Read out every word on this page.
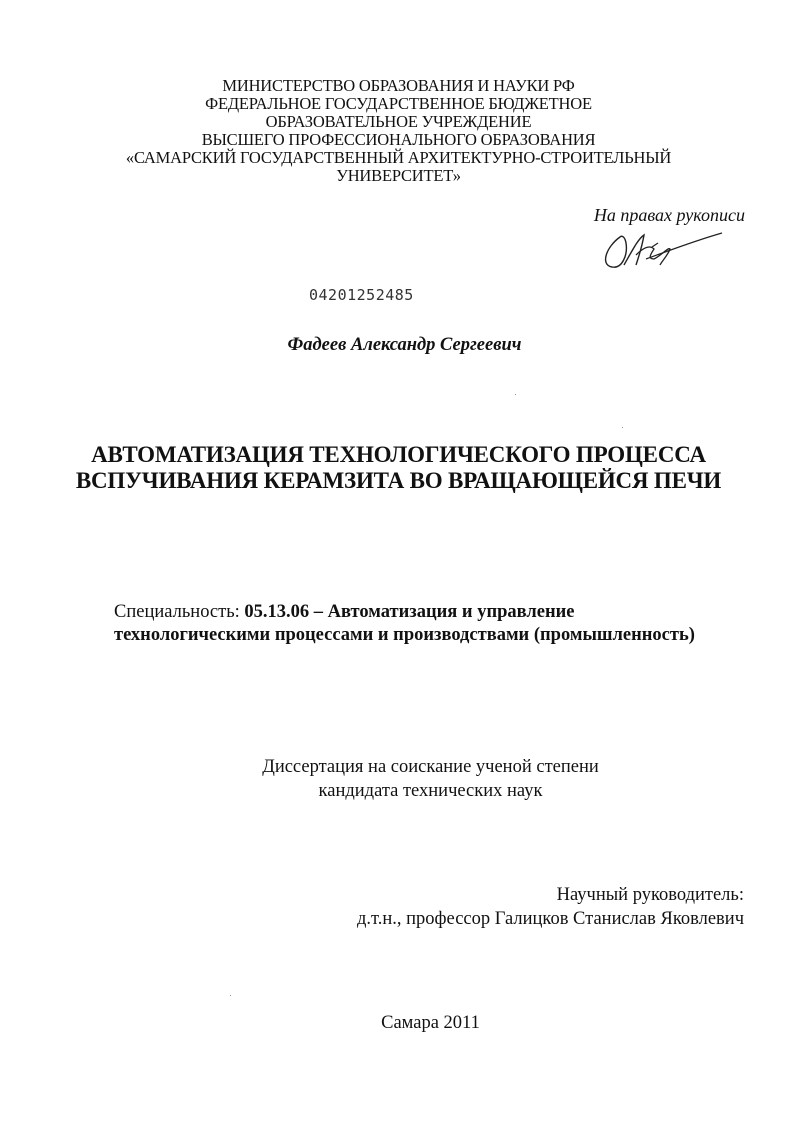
МИНИСТЕРСТВО ОБРАЗОВАНИЯ И НАУКИ РФ
ФЕДЕРАЛЬНОЕ ГОСУДАРСТВЕННОЕ БЮДЖЕТНОЕ
ОБРАЗОВАТЕЛЬНОЕ УЧРЕЖДЕНИЕ
ВЫСШЕГО ПРОФЕССИОНАЛЬНОГО ОБРАЗОВАНИЯ
«САМАРСКИЙ ГОСУДАРСТВЕННЫЙ АРХИТЕКТУРНО-СТРОИТЕЛЬНЫЙ
УНИВЕРСИТЕТ»
На правах рукописи
04201252485
Фадеев Александр Сергеевич
АВТОМАТИЗАЦИЯ ТЕХНОЛОГИЧЕСКОГО ПРОЦЕССА
ВСПУЧИВАНИЯ КЕРАМЗИТА ВО ВРАЩАЮЩЕЙСЯ ПЕЧИ
Специальность: 05.13.06 – Автоматизация и управление
технологическими процессами и производствами (промышленность)
Диссертация на соискание ученой степени
кандидата технических наук
Научный руководитель:
д.т.н., профессор Галицков Станислав Яковлевич
Самара 2011
